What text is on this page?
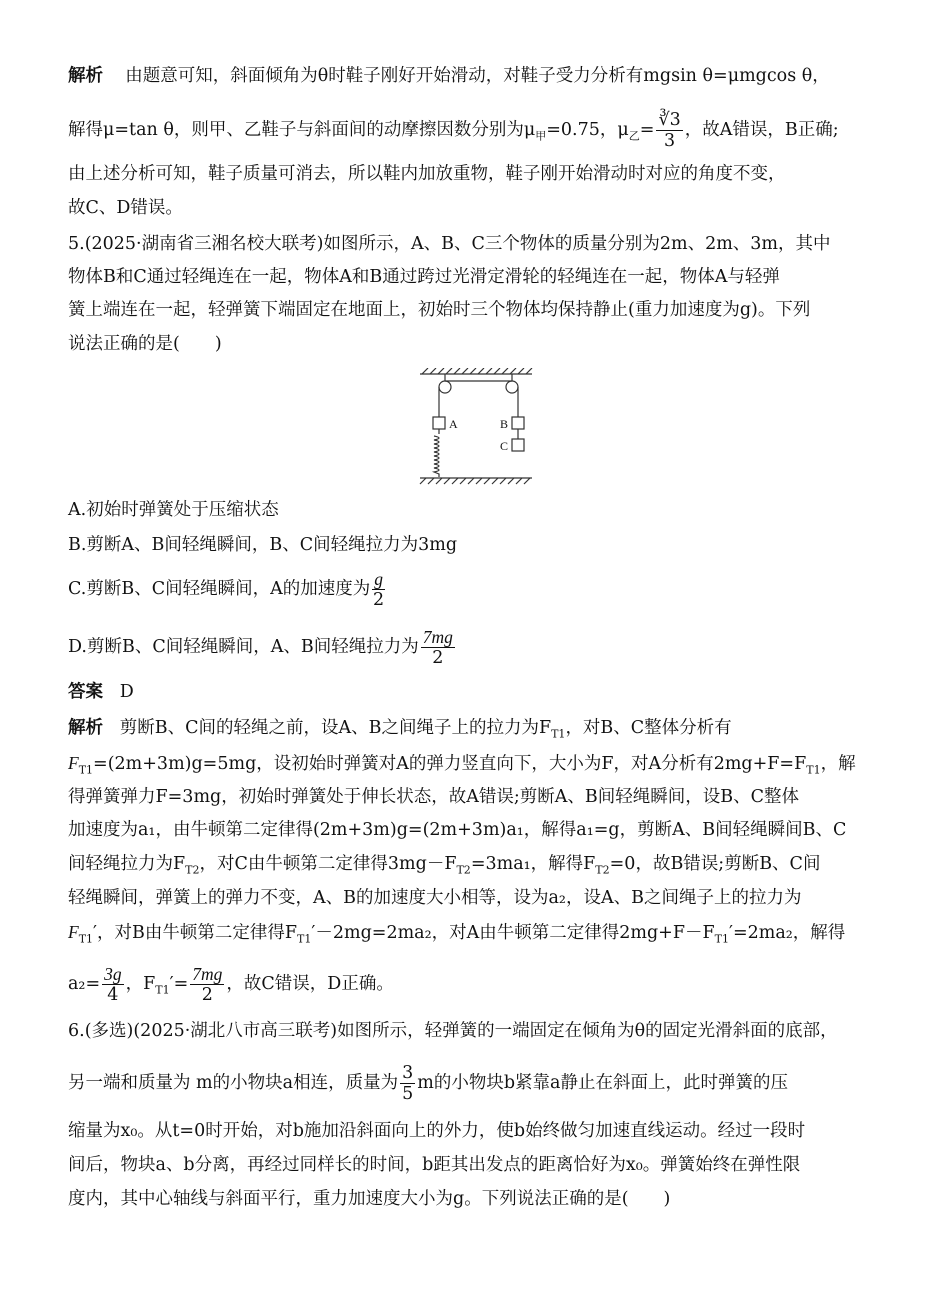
解析 由题意可知，斜面倾角为θ时鞋子刚好开始滑动，对鞋子受力分析有mgsin θ=μmgcos θ，
解得μ=tan θ，则甲、乙鞋子与斜面间的动摩擦因数分别为$\mu_甲=0.75$，$\mu_乙= \frac{∛3}{3}$ ，故A错误，B正确;
由上述分析可知，鞋子质量可消去，所以鞋内加放重物，鞋子刚开始滑动时对应的角度不变，
故C、D错误。
5.(2025·湖南省三湘名校大联考)如图所示，A、B、C三个物体的质量分别为2m、2m、3m，其中
物体B和C通过轻绳连在一起，物体A和B通过跨过光滑定滑轮的轻绳连在一起，物体A与轻弹
簧上端连在一起，轻弹簧下端固定在地面上，初始时三个物体均保持静止(重力加速度为g)。下列
说法正确的是(　　)
A.初始时弹簧处于压缩状态
B.剪断A、B间轻绳瞬间，B、C间轻绳拉力为3mg
C.剪断B、C间轻绳瞬间，A的加速度为 $\frac{g}{2}$
D.剪断B、C间轻绳瞬间，A、B间轻绳拉力为 $\frac{7mg}{2}$
答案 D
解析 剪断B、C间的轻绳之前，设A、B之间绳子上的拉力为$F_{T1}$，对B、C整体分析有
$F_{T1}=(2m+3m)g=5mg$，设初始时弹簧对A的弹力竖直向下，大小为F，对A分析有$2mg+F=F_{T1}$，解
得弹簧弹力F=3mg，初始时弹簧处于伸长状态，故A错误;剪断A、B间轻绳瞬间，设B、C整体
加速度为a₁，由牛顿第二定律得(2m+3m)g=(2m+3m)a₁，解得a₁=g，剪断A、B间轻绳瞬间B、C
间轻绳拉力为$F_{T2}$，对C由牛顿第二定律得$3mg-F_{T2}=3ma_1$，解得$F_{T2}=0$，故B错误;剪断B、C间
轻绳瞬间，弹簧上的弹力不变，A、B的加速度大小相等，设为a₂，设A、B之间绳子上的拉力为
$F_{T1}'$，对B由牛顿第二定律得$F_{T1}'-2mg=2ma_2$，对A由牛顿第二定律得$2mg+F-F_{T1}'=2ma_2$，解得
$a_2= \frac{3g}{4}$ ，$F_{T1}'= \frac{7mg}{2}$ ，故C错误，D正确。
6.(多选)(2025·湖北八市高三联考)如图所示，轻弹簧的一端固定在倾角为θ的固定光滑斜面的底部，
另一端和质量为 m的小物块a相连，质量为 $\frac{3}{5}$ m的小物块b紧靠a静止在斜面上，此时弹簧的压
缩量为x₀。从t=0时开始，对b施加沿斜面向上的外力，使b始终做匀加速直线运动。经过一段时
间后，物块a、b分离，再经过同样长的时间，b距其出发点的距离恰好为x₀。弹簧始终在弹性限
度内，其中心轴线与斜面平行，重力加速度大小为g。下列说法正确的是(　　)
A	B
C
